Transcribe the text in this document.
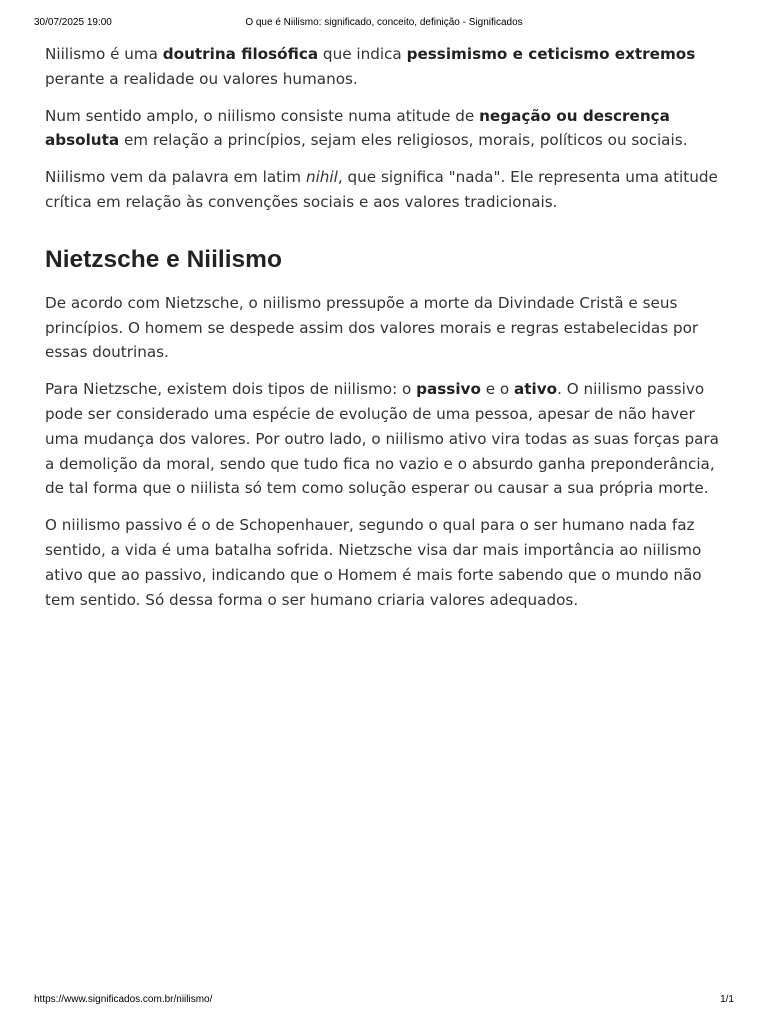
30/07/2025 19:00	O que é Niilismo: significado, conceito, definição - Significados

Niilismo é uma doutrina filosófica que indica pessimismo e ceticismo extremos perante a realidade ou valores humanos.

Num sentido amplo, o niilismo consiste numa atitude de negação ou descrença absoluta em relação a princípios, sejam eles religiosos, morais, políticos ou sociais.

Niilismo vem da palavra em latim nihil, que significa "nada". Ele representa uma atitude crítica em relação às convenções sociais e aos valores tradicionais.

Nietzsche e Niilismo

De acordo com Nietzsche, o niilismo pressupõe a morte da Divindade Cristã e seus princípios. O homem se despede assim dos valores morais e regras estabelecidas por essas doutrinas.

Para Nietzsche, existem dois tipos de niilismo: o passivo e o ativo. O niilismo passivo pode ser considerado uma espécie de evolução de uma pessoa, apesar de não haver uma mudança dos valores. Por outro lado, o niilismo ativo vira todas as suas forças para a demolição da moral, sendo que tudo fica no vazio e o absurdo ganha preponderância, de tal forma que o niilista só tem como solução esperar ou causar a sua própria morte.

O niilismo passivo é o de Schopenhauer, segundo o qual para o ser humano nada faz sentido, a vida é uma batalha sofrida. Nietzsche visa dar mais importância ao niilismo ativo que ao passivo, indicando que o Homem é mais forte sabendo que o mundo não tem sentido. Só dessa forma o ser humano criaria valores adequados.

https://www.significados.com.br/niilismo/	1/1
